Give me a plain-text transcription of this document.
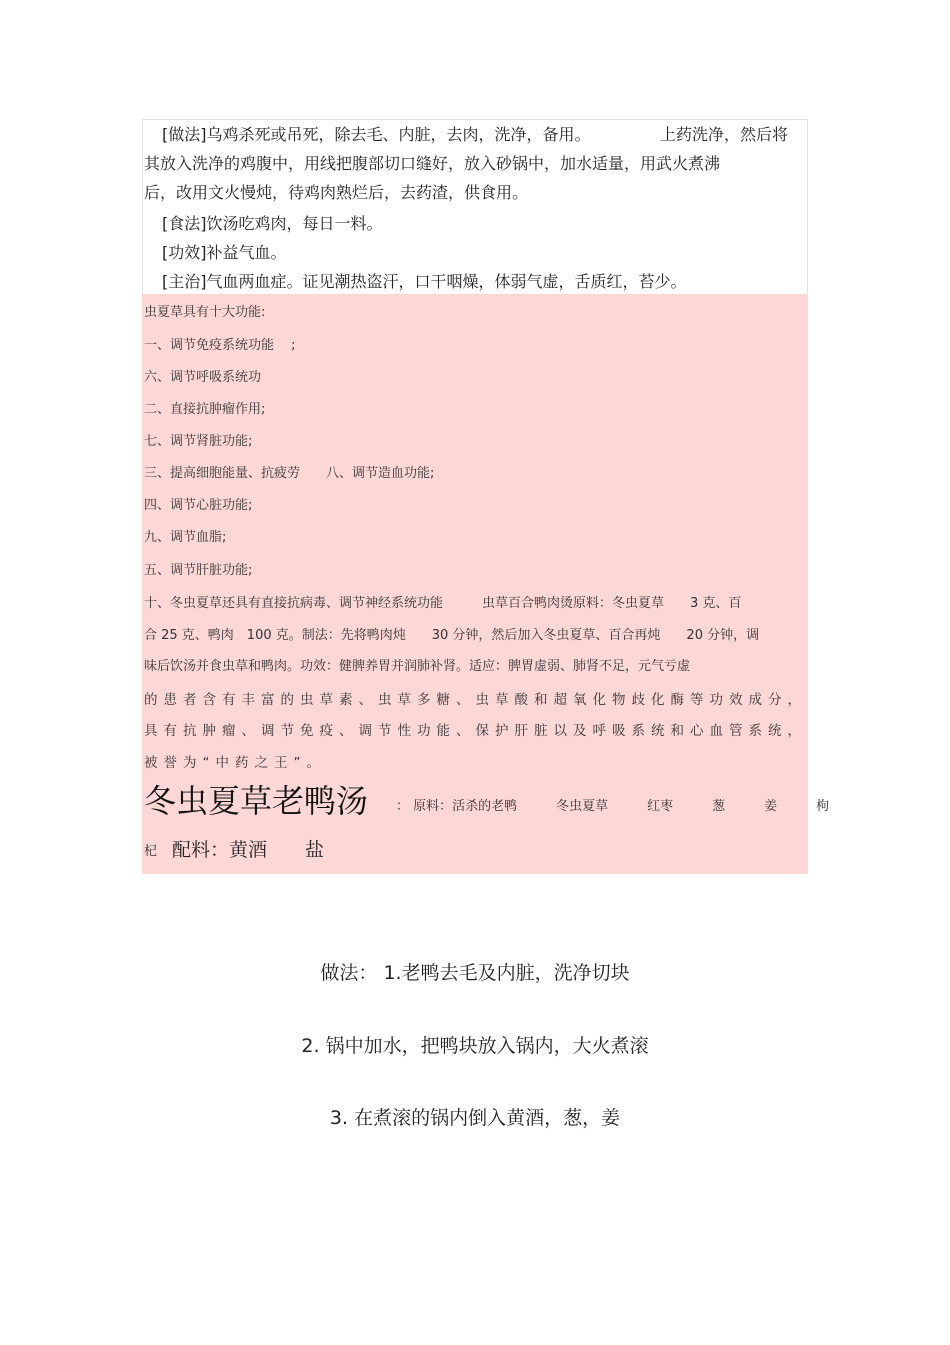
[做法]乌鸡杀死或吊死，除去毛、内脏，去肉，洗净，备用。	上药洗净，然后将
其放入洗净的鸡腹中，用线把腹部切口缝好，放入砂锅中，加水适量，用武火煮沸
后，改用文火慢炖，待鸡肉熟烂后，去药渣，供食用。
[食法]饮汤吃鸡肉，每日一料。
[功效]补益气血。
[主治]气血两血症。证见潮热盗汗，口干咽燥，体弱气虚，舌质红，苔少。
虫夏草具有十大功能:
一、调节免疫系统功能　 ;
六、调节呼吸系统功
二、直接抗肿瘤作用;
七、调节肾脏功能;
三、提高细胞能量、抗疲劳　　八、调节造血功能;
四、调节心脏功能;
九、调节血脂;
五、调节肝脏功能;
十、冬虫夏草还具有直接抗病毒、调节神经系统功能　　　虫草百合鸭肉烫原料：冬虫夏草　　3 克、百
合 25 克、鸭肉　100 克。制法：先将鸭肉炖　　30 分钟，然后加入冬虫夏草、百合再炖　　20 分钟，调
味后饮汤并食虫草和鸭肉。功效：健脾养胃并润肺补肾。适应：脾胃虚弱、肺肾不足，元气亏虚
的患者含有丰富的虫草素、虫草多糖、虫草酸和超氧化物歧化酶等功效成分，
具有抗肿瘤、调节免疫、调节性功能、保护肝脏以及呼吸系统和心血管系统，
被誉为“中药之王”。
冬虫夏草老鸭汤 ： 原料：活杀的老鸭　　　冬虫夏草　　　红枣　　　葱　　　姜　　　枸
杞 配料：黄酒　　盐
做法： 1.老鸭去毛及内脏，洗净切块
2. 锅中加水，把鸭块放入锅内，大火煮滚
3. 在煮滚的锅内倒入黄酒，葱，姜
